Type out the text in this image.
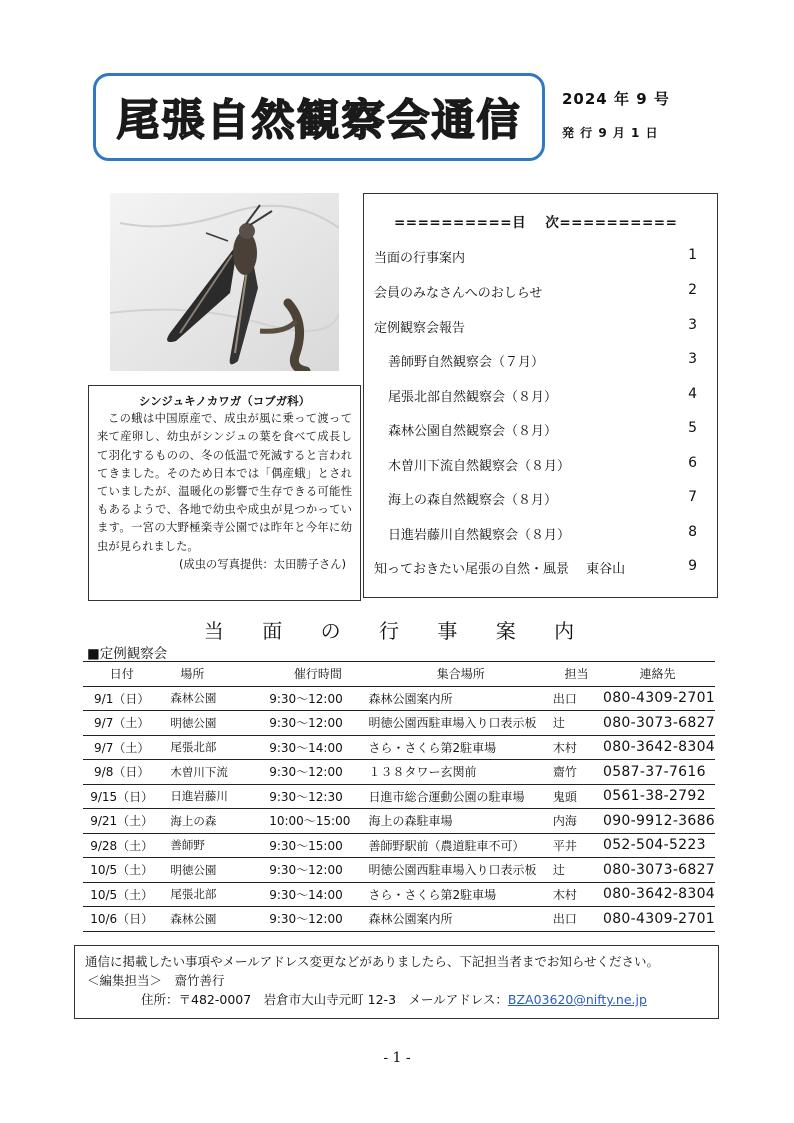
尾張自然観察会通信	2024 年 9 号
発 行 9 月 1 日
シンジュキノカワガ（コブガ科）
この蛾は中国原産で、成虫が風に乗って渡って来て産卵し、幼虫がシンジュの葉を食べて成長して羽化するものの、冬の低温で死滅すると言われてきました。そのため日本では「偶産蛾」とされていましたが、温暖化の影響で生存できる可能性もあるようで、各地で幼虫や成虫が見つかっています。一宮の大野極楽寺公園では昨年と今年に幼虫が見られました。
(成虫の写真提供：太田勝子さん)
==========目　 次==========
当面の行事案内	1
会員のみなさんへのおしらせ	2
定例観察会報告	3
善師野自然観察会（７月）	3
尾張北部自然観察会（８月）	4
森林公園自然観察会（８月）	5
木曽川下流自然観察会（８月）	6
海上の森自然観察会（８月）	7
日進岩藤川自然観察会（８月）	8
知っておきたい尾張の自然・風景　 東谷山	9
当 面 の 行 事 案 内
■定例観察会
日付	場所	催行時間	集合場所	担当	連絡先
9/1（日）	森林公園	9:30～12:00	森林公園案内所	出口	080-4309-2701
9/7（土）	明徳公園	9:30～12:00	明徳公園西駐車場入り口表示板	辻	080-3073-6827
9/7（土）	尾張北部	9:30～14:00	さら・さくら第2駐車場	木村	080-3642-8304
9/8（日）	木曽川下流	9:30～12:00	１３８タワー玄関前	齋竹	0587-37-7616
9/15（日）	日進岩藤川	9:30～12:30	日進市総合運動公園の駐車場	鬼頭	0561-38-2792
9/21（土）	海上の森	10:00～15:00	海上の森駐車場	内海	090-9912-3686
9/28（土）	善師野	9:30～15:00	善師野駅前（農道駐車不可）	平井	052-504-5223
10/5（土）	明徳公園	9:30～12:00	明徳公園西駐車場入り口表示板	辻	080-3073-6827
10/5（土）	尾張北部	9:30～14:00	さら・さくら第2駐車場	木村	080-3642-8304
10/6（日）	森林公園	9:30～12:00	森林公園案内所	出口	080-4309-2701
通信に掲載したい事項やメールアドレス変更などがありましたら、下記担当者までお知らせください。
＜編集担当＞　齋竹善行
住所：〒482-0007　岩倉市大山寺元町 12-3　メールアドレス：BZA03620@nifty.ne.jp
- 1 -
